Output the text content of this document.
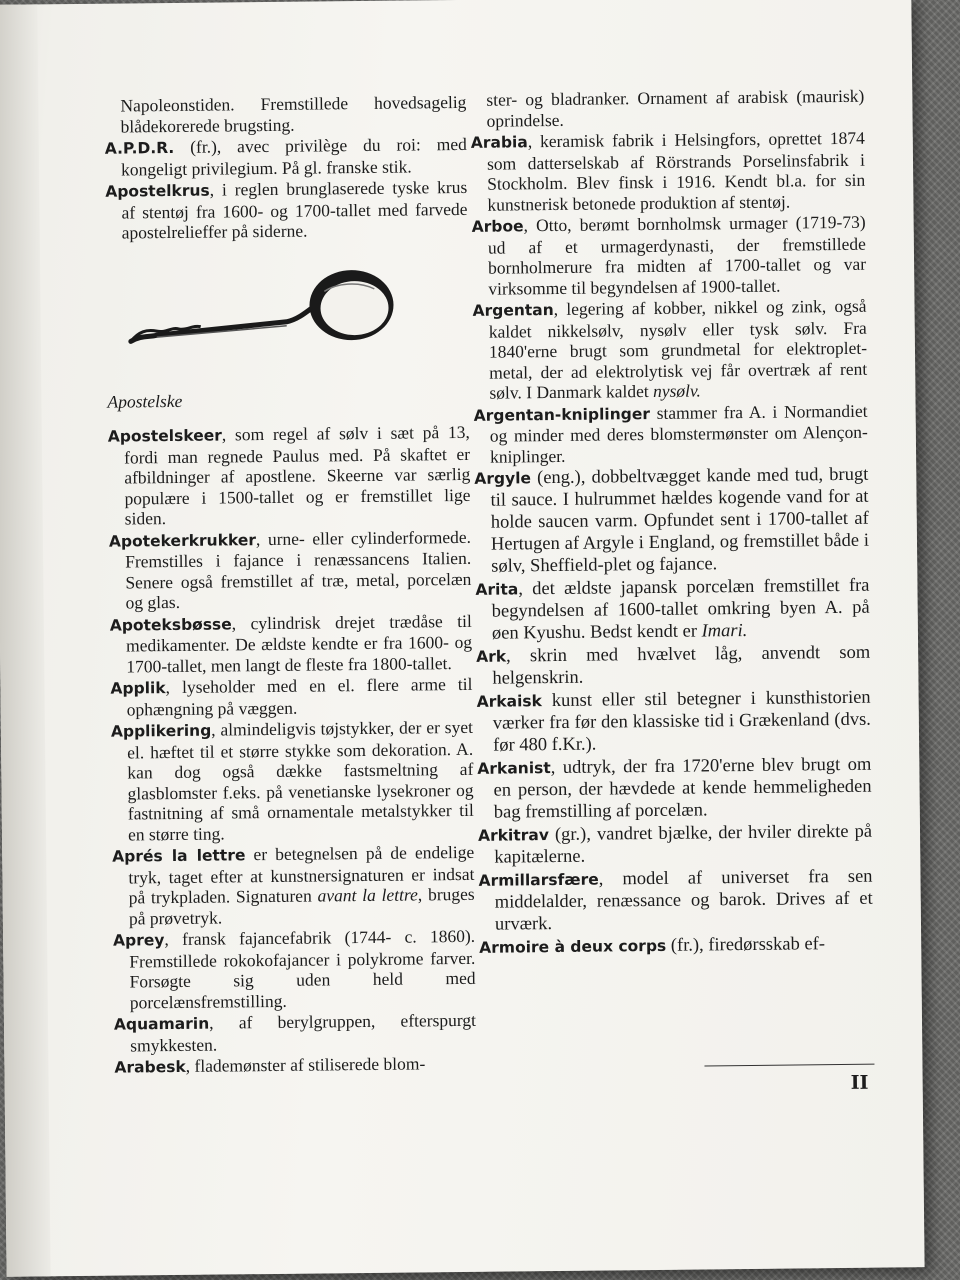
Napoleonstiden. Fremstillede hovedsagelig blådekorerede brugsting.

A.P.D.R. (fr.), avec privilège du roi: med kongeligt privilegium. På gl. franske stik.

Apostelkrus, i reglen brunglaserede tyske krus af stentøj fra 1600- og 1700-tallet med farvede apostelrelieffer på siderne.

Apostelske

Apostelskeer, som regel af sølv i sæt på 13, fordi man regnede Paulus med. På skaftet er afbildninger af apostlene. Skeerne var særlig populære i 1500-tallet og er fremstillet lige siden.

Apotekerkrukker, urne- eller cylinderformede. Fremstilles i fajance i renæssancens Italien. Senere også fremstillet af træ, metal, porcelæn og glas.

Apoteksbøsse, cylindrisk drejet trædåse til medikamenter. De ældste kendte er fra 1600- og 1700-tallet, men langt de fleste fra 1800-tallet.

Applik, lyseholder med en el. flere arme til ophængning på væggen.

Applikering, almindeligvis tøjstykker, der er syet el. hæftet til et større stykke som dekoration. A. kan dog også dække fastsmeltning af glasblomster f.eks. på venetianske lysekroner og fastnitning af små ornamentale metalstykker til en større ting.

Aprés la lettre er betegnelsen på de endelige tryk, taget efter at kunstnersignaturen er indsat på trykpladen. Signaturen avant la lettre, bruges på prøvetryk.

Aprey, fransk fajancefabrik (1744- c. 1860). Fremstillede rokokofajancer i polykrome farver. Forsøgte sig uden held med porcelænsfremstilling.

Aquamarin, af berylgruppen, efterspurgt smykkesten.

Arabesk, flademønster af stiliserede blom-

ster- og bladranker. Ornament af arabisk (maurisk) oprindelse.

Arabia, keramisk fabrik i Helsingfors, oprettet 1874 som datterselskab af Rörstrands Porselinsfabrik i Stockholm. Blev finsk i 1916. Kendt bl.a. for sin kunstnerisk betonede produktion af stentøj.

Arboe, Otto, berømt bornholmsk urmager (1719-73) ud af et urmagerdynasti, der fremstillede bornholmerure fra midten af 1700-tallet og var virksomme til begyndelsen af 1900-tallet.

Argentan, legering af kobber, nikkel og zink, også kaldet nikkelsølv, nysølv eller tysk sølv. Fra 1840'erne brugt som grundmetal for elektroplet-metal, der ad elektrolytisk vej får overtræk af rent sølv. I Danmark kaldet nysølv.

Argentan-kniplinger stammer fra A. i Normandiet og minder med deres blomstermønster om Alençon-kniplinger.

Argyle (eng.), dobbeltvægget kande med tud, brugt til sauce. I hulrummet hældes kogende vand for at holde saucen varm. Opfundet sent i 1700-tallet af Hertugen af Argyle i England, og fremstillet både i sølv, Sheffield-plet og fajance.

Arita, det ældste japansk porcelæn fremstillet fra begyndelsen af 1600-tallet omkring byen A. på øen Kyushu. Bedst kendt er Imari.

Ark, skrin med hvælvet låg, anvendt som helgenskrin.

Arkaisk kunst eller stil betegner i kunsthistorien værker fra før den klassiske tid i Grækenland (dvs. før 480 f.Kr.).

Arkanist, udtryk, der fra 1720'erne blev brugt om en person, der hævdede at kende hemmeligheden bag fremstilling af porcelæn.

Arkitrav (gr.), vandret bjælke, der hviler direkte på kapitælerne.

Armillarsfære, model af universet fra sen middelalder, renæssance og barok. Drives af et urværk.

Armoire à deux corps (fr.), firedørsskab ef-

II
